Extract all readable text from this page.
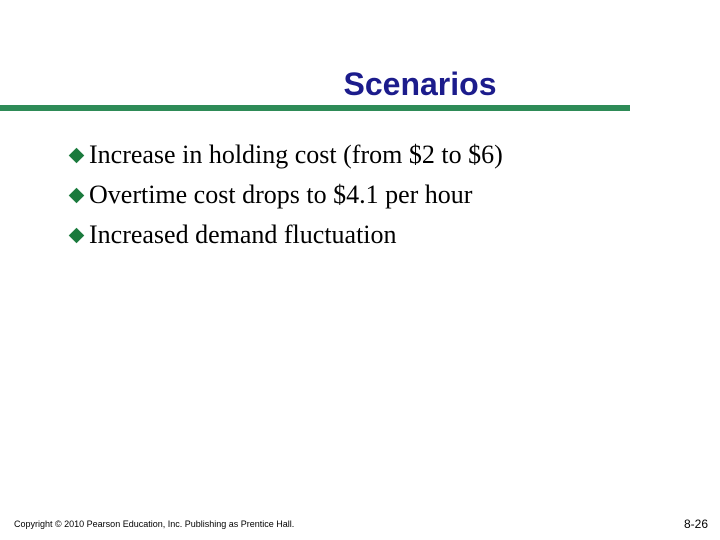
Scenarios
Increase in holding cost (from $2 to $6)
Overtime cost drops to $4.1 per hour
Increased demand fluctuation
Copyright © 2010 Pearson Education, Inc. Publishing as Prentice Hall.	8-26
